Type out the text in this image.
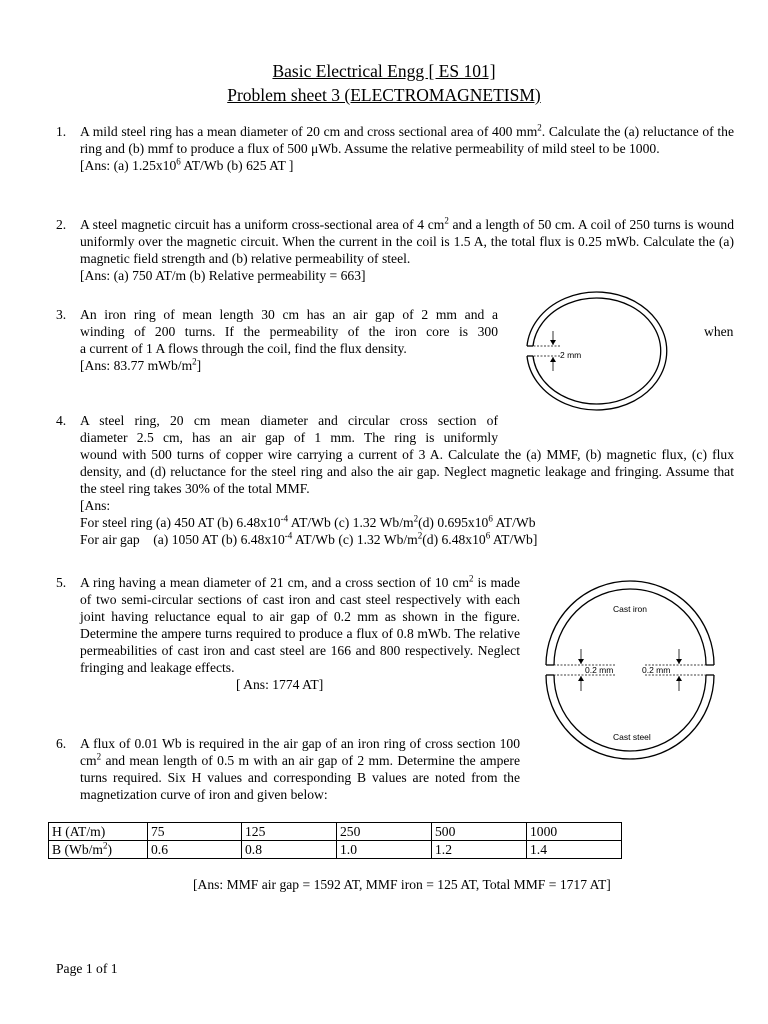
Basic Electrical Engg [ ES 101]
Problem sheet 3 (ELECTROMAGNETISM)
1.	A mild steel ring has a mean diameter of 20 cm and cross sectional area of 400 $mm^2$. Calculate the (a) reluctance of the ring and (b) mmf to produce a flux of 500 μWb. Assume the relative permeability of mild steel to be 1000.
[Ans: (a) $1.25x10^6$ AT/Wb (b) 625 AT ]
2.	A steel magnetic circuit has a uniform cross-sectional area of 4 $cm^2$ and a length of 50 cm. A coil of 250 turns is wound uniformly over the magnetic circuit. When the current in the coil is 1.5 A, the total flux is 0.25 mWb. Calculate the (a) magnetic field strength and (b) relative permeability of steel.
[Ans: (a) 750 AT/m (b) Relative permeability = 663]
3.	An iron ring of mean length 30 cm has an air gap of 2 mm and a
winding of 200 turns. If the permeability of the iron core is 300	when
a current of 1 A flows through the coil, find the flux density.
[Ans: 83.77 mWb/$m^2$]
2 mm
4.	A steel ring, 20 cm mean diameter and circular cross section of
diameter 2.5 cm, has an air gap of 1 mm. The ring is uniformly
wound with 500 turns of copper wire carrying a current of 3 A. Calculate the (a) MMF, (b) magnetic flux, (c) flux density, and (d) reluctance for the steel ring and also the air gap. Neglect magnetic leakage and fringing. Assume that the steel ring takes 30% of the total MMF.
[Ans:
For steel ring (a) 450 AT (b) $6.48x10^{-4}$ AT/Wb (c) 1.32 $Wb/m^2(d)$ $0.695x10^6$ AT/Wb
For air gap    (a) 1050 AT (b) $6.48x10^{-4}$ AT/Wb (c) 1.32 $Wb/m^2(d)$ $6.48x10^6$ AT/Wb]
5.	A ring having a mean diameter of 21 cm, and a cross section of 10 $cm^2$ is made of two semi-circular sections of cast iron and cast steel respectively with each joint having reluctance equal to air gap of 0.2 mm as shown in the figure. Determine the ampere turns required to produce a flux of 0.8 mWb. The relative permeabilities of cast iron and cast steel are 166 and 800 respectively. Neglect fringing and leakage effects.
[ Ans: 1774 AT]
Cast iron
Cast steel
0.2 mm	0.2 mm
6.	A flux of 0.01 Wb is required in the air gap of an iron ring of cross section 100 $cm^2$ and mean length of 0.5 m with an air gap of 2 mm. Determine the ampere turns required. Six H values and corresponding B values are noted from the magnetization curve of iron and given below:
H (AT/m)	75	125	250	500	1000
B $(Wb/m^2)$	0.6	0.8	1.0	1.2	1.4
[Ans: MMF air gap = 1592 AT, MMF iron = 125 AT, Total MMF = 1717 AT]
Page 1 of 1
